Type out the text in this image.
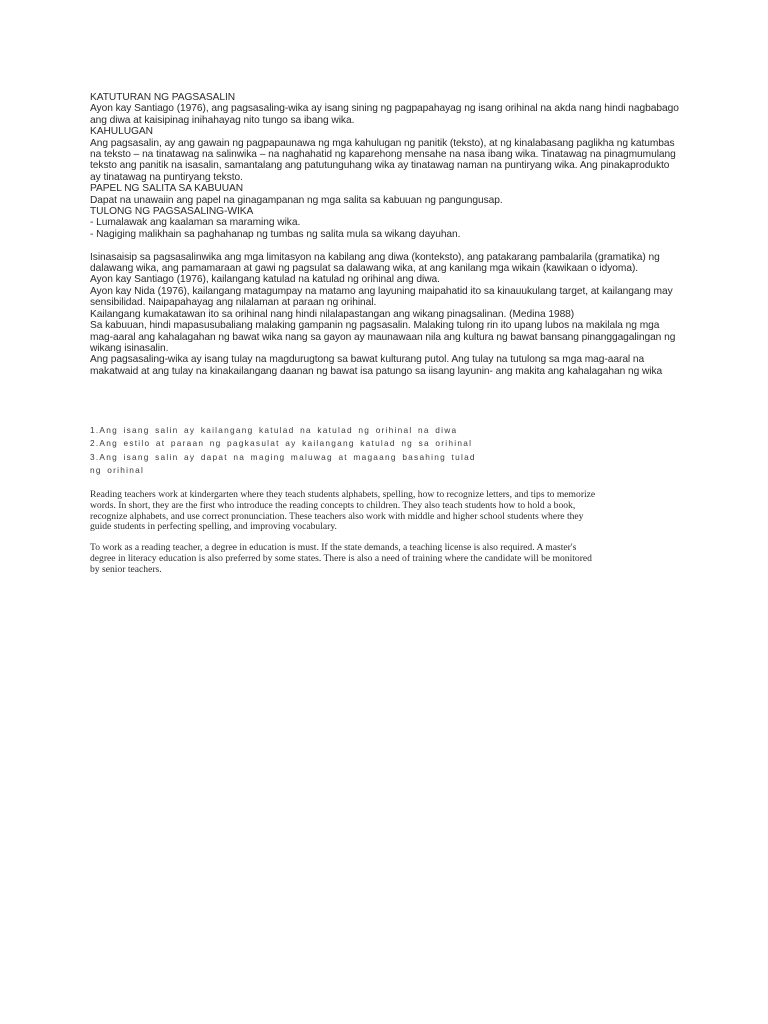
KATUTURAN NG PAGSASALIN
Ayon kay Santiago (1976), ang pagsasaling-wika ay isang sining ng pagpapahayag ng isang orihinal na akda nang hindi nagbabago
ang diwa at kaisipinag inihahayag nito tungo sa ibang wika.
KAHULUGAN
Ang pagsasalin, ay ang gawain ng pagpapaunawa ng mga kahulugan ng panitik (teksto), at ng kinalabasang paglikha ng katumbas
na teksto – na tinatawag na salinwika – na naghahatid ng kaparehong mensahe na nasa ibang wika. Tinatawag na pinagmumulang
teksto ang panitik na isasalin, samantalang ang patutunguhang wika ay tinatawag naman na puntiryang wika. Ang pinakaprodukto
ay tinatawag na puntiryang teksto.
PAPEL NG SALITA SA KABUUAN
Dapat na unawaiin ang papel na ginagampanan ng mga salita sa kabuuan ng pangungusap.
TULONG NG PAGSASALING-WIKA
- Lumalawak ang kaalaman sa maraming wika.
- Nagiging malikhain sa paghahanap ng tumbas ng salita mula sa wikang dayuhan.
Isinasaisip sa pagsasalinwika ang mga limitasyon na kabilang ang diwa (konteksto), ang patakarang pambalarila (gramatika) ng
dalawang wika, ang pamamaraan at gawi ng pagsulat sa dalawang wika, at ang kanilang mga wikain (kawikaan o idyoma).
Ayon kay Santiago (1976), kailangang katulad na katulad ng orihinal ang diwa.
Ayon kay Nida (1976), kailangang matagumpay na matamo ang layuning maipahatid ito sa kinauukulang target, at kailangang may
sensibilidad. Naipapahayag ang nilalaman at paraan ng orihinal.
Kailangang kumakatawan ito sa orihinal nang hindi nilalapastangan ang wikang pinagsalinan. (Medina 1988)
Sa kabuuan, hindi mapasusubaliang malaking gampanin ng pagsasalin. Malaking tulong rin ito upang lubos na makilala ng mga
mag-aaral ang kahalagahan ng bawat wika nang sa gayon ay maunawaan nila ang kultura ng bawat bansang pinanggagalingan ng
wikang isinasalin.
Ang pagsasaling-wika ay isang tulay na magdurugtong sa bawat kulturang putol. Ang tulay na tutulong sa mga mag-aaral na
makatwaid at ang tulay na kinakailangang daanan ng bawat isa patungo sa iisang layunin- ang makita ang kahalagahan ng wika
1.Ang isang salin ay kailangang katulad na katulad ng orihinal na diwa
2.Ang estilo at paraan ng pagkasulat ay kailangang katulad ng sa orihinal
3.Ang isang salin ay dapat na maging maluwag at magaang basahing tulad
ng orihinal

Reading teachers work at kindergarten where they teach students alphabets, spelling, how to recognize letters, and tips to memorize
words. In short, they are the first who introduce the reading concepts to children. They also teach students how to hold a book,
recognize alphabets, and use correct pronunciation. These teachers also work with middle and higher school students where they
guide students in perfecting spelling, and improving vocabulary.

To work as a reading teacher, a degree in education is must. If the state demands, a teaching license is also required. A master's
degree in literacy education is also preferred by some states. There is also a need of training where the candidate will be monitored
by senior teachers.
